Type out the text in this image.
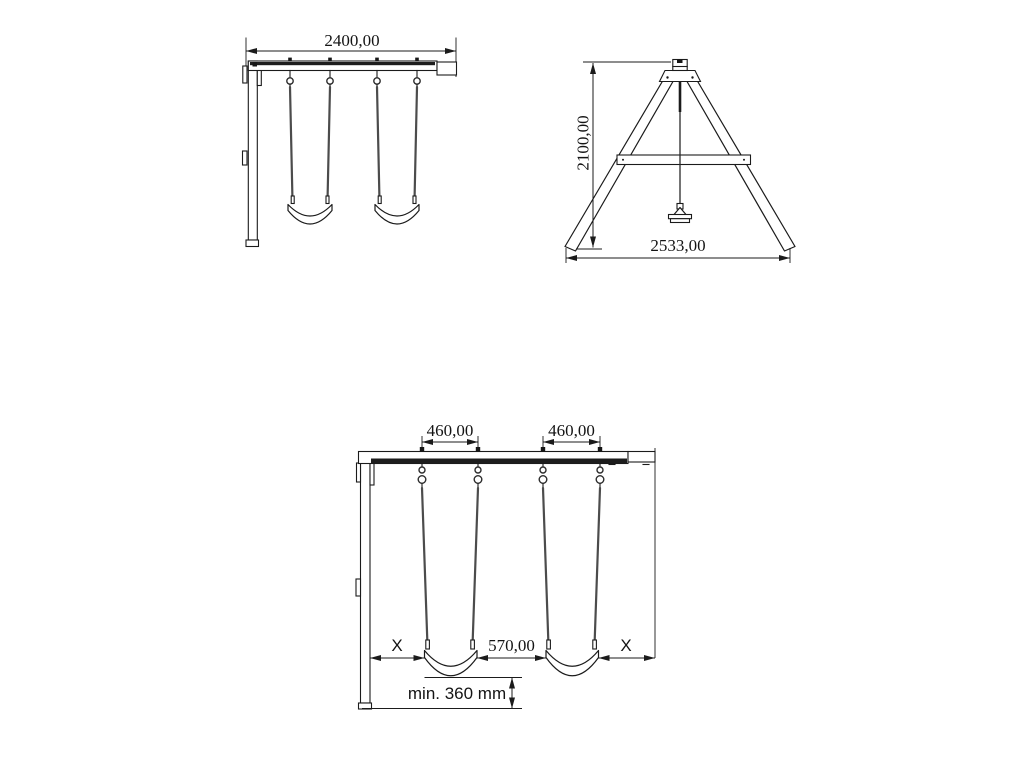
2400,00
2100,00
2533,00
460,00	460,00
X	570,00	X
min. 360 mm
